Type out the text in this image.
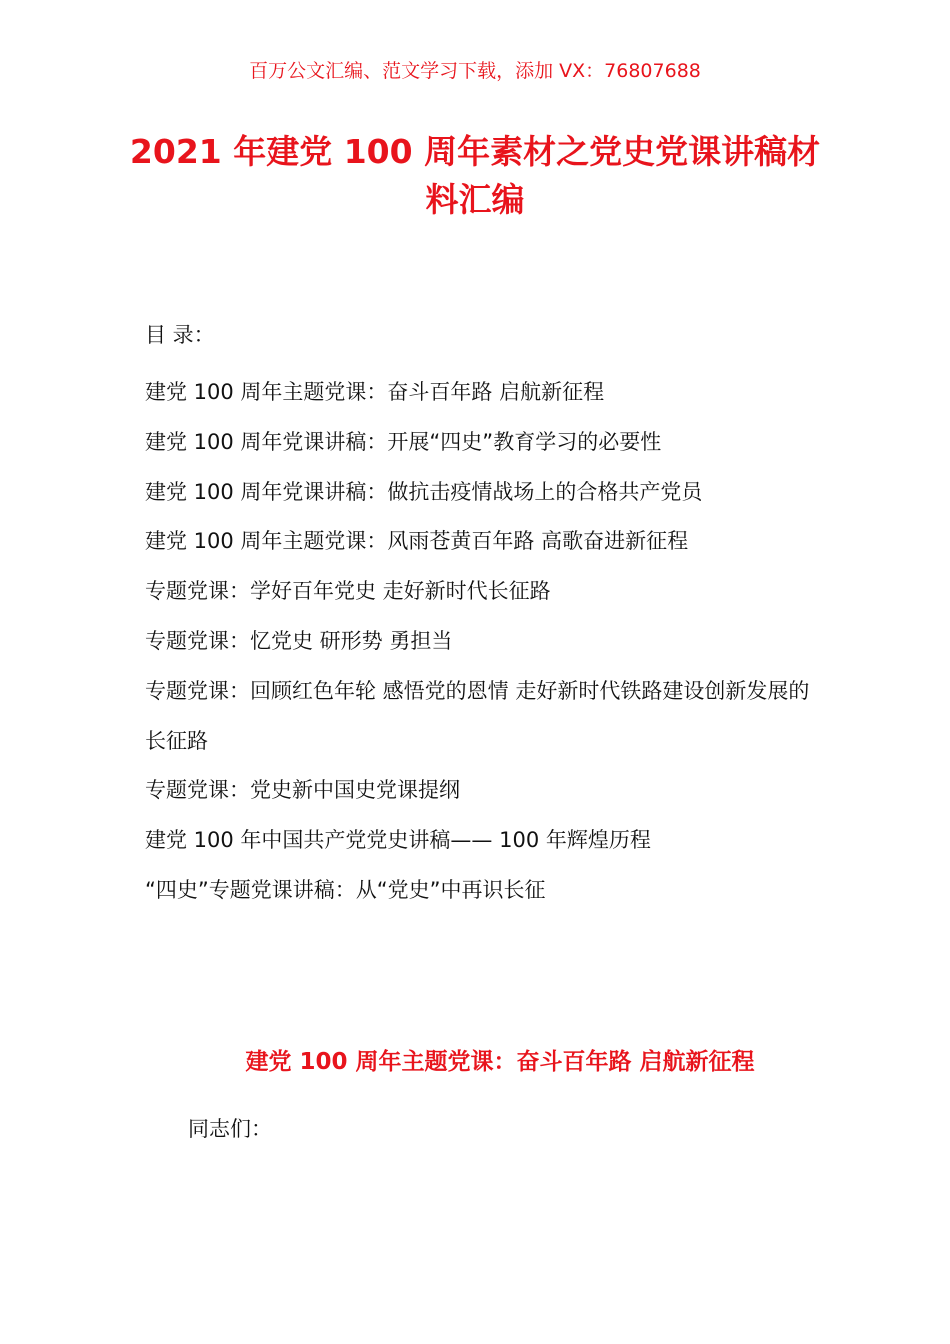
百万公文汇编、范文学习下载，添加 VX：76807688
2021 年建党 100 周年素材之党史党课讲稿材料汇编
目 录：
建党 100 周年主题党课：奋斗百年路 启航新征程
建党 100 周年党课讲稿：开展“四史”教育学习的必要性
建党 100 周年党课讲稿：做抗击疫情战场上的合格共产党员
建党 100 周年主题党课：风雨苍黄百年路 高歌奋进新征程
专题党课：学好百年党史 走好新时代长征路
专题党课：忆党史 研形势 勇担当
专题党课：回顾红色年轮 感悟党的恩情 走好新时代铁路建设创新发展的长征路
专题党课：党史新中国史党课提纲
建党 100 年中国共产党党史讲稿—— 100 年辉煌历程
“四史”专题党课讲稿：从“党史”中再识长征
建党 100 周年主题党课：奋斗百年路 启航新征程
同志们：
